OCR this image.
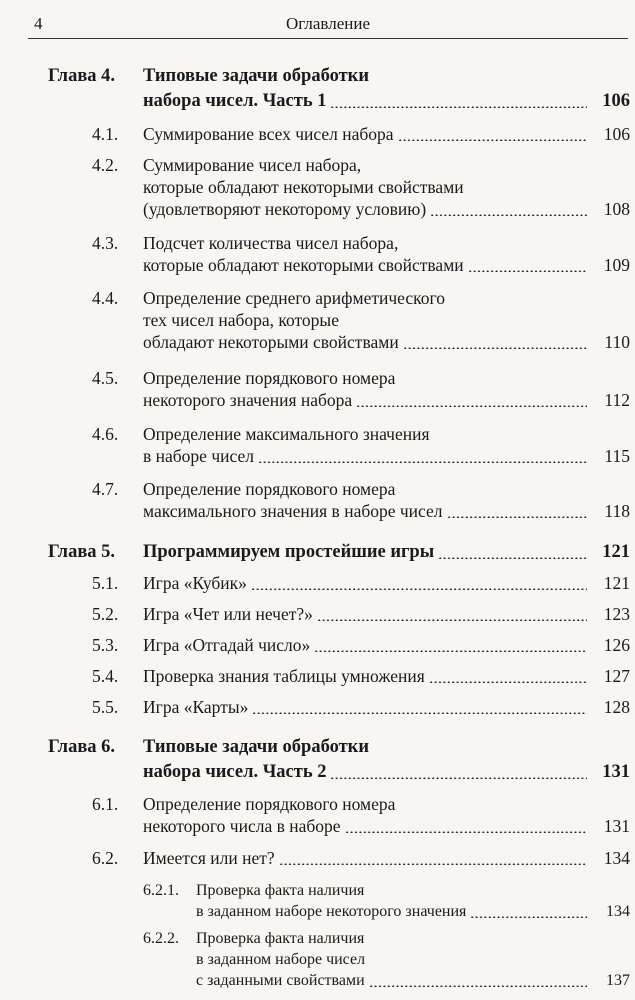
4	Оглавление
Глава 4. Типовые задачи обработки
набора чисел. Часть 1	106
4.1. Суммирование всех чисел набора	106
4.2. Суммирование чисел набора,
которые обладают некоторыми свойствами
(удовлетворяют некоторому условию)	108
4.3. Подсчет количества чисел набора,
которые обладают некоторыми свойствами	109
4.4. Определение среднего арифметического
тех чисел набора, которые
обладают некоторыми свойствами	110
4.5. Определение порядкового номера
некоторого значения набора	112
4.6. Определение максимального значения
в наборе чисел	115
4.7. Определение порядкового номера
максимального значения в наборе чисел	118
Глава 5. Программируем простейшие игры	121
5.1. Игра «Кубик»	121
5.2. Игра «Чет или нечет?»	123
5.3. Игра «Отгадай число»	126
5.4. Проверка знания таблицы умножения	127
5.5. Игра «Карты»	128
Глава 6. Типовые задачи обработки
набора чисел. Часть 2	131
6.1. Определение порядкового номера
некоторого числа в наборе	131
6.2. Имеется или нет?	134
6.2.1. Проверка факта наличия
в заданном наборе некоторого значения	134
6.2.2. Проверка факта наличия
в заданном наборе чисел
с заданными свойствами	137
